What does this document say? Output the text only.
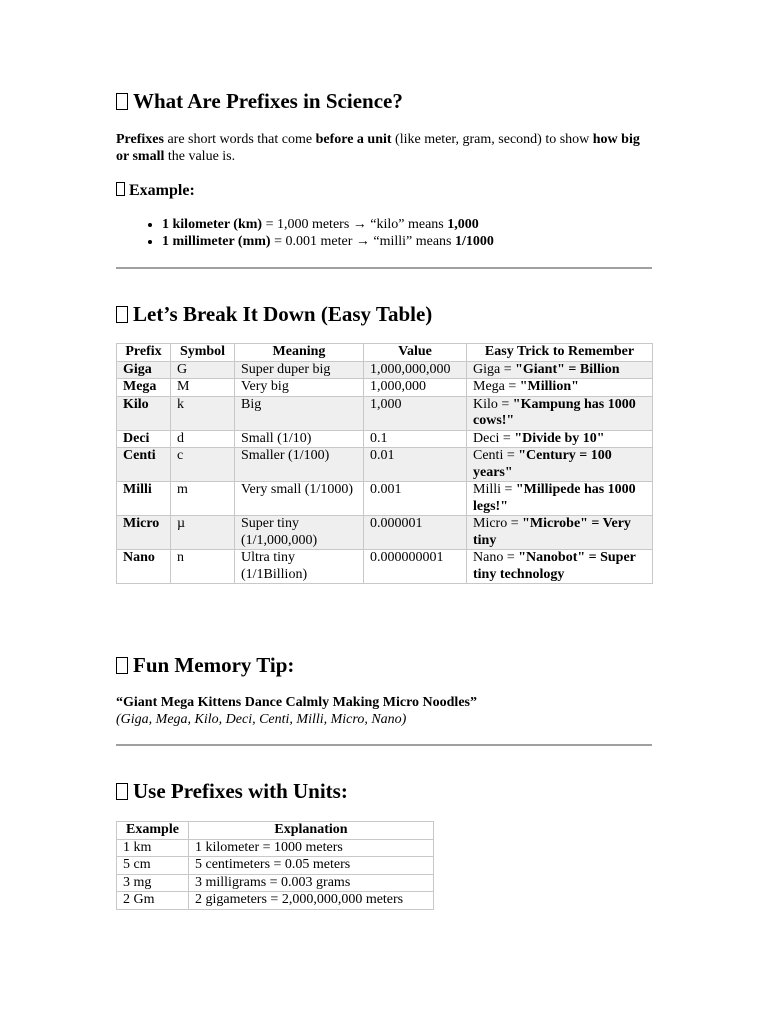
What Are Prefixes in Science?

Prefixes are short words that come before a unit (like meter, gram, second) to show how big or small the value is.

Example:
• 1 kilometer (km) = 1,000 meters → “kilo” means 1,000
• 1 millimeter (mm) = 0.001 meter → “milli” means 1/1000
Let’s Break It Down (Easy Table)
Prefix	Symbol	Meaning	Value	Easy Trick to Remember
Giga	G	Super duper big	1,000,000,000	Giga = "Giant" = Billion
Mega	M	Very big	1,000,000	Mega = "Million"
Kilo	k	Big	1,000	Kilo = "Kampung has 1000 cows!"
Deci	d	Small (1/10)	0.1	Deci = "Divide by 10"
Centi	c	Smaller (1/100)	0.01	Centi = "Century = 100 years"
Milli	m	Very small (1/1000)	0.001	Milli = "Millipede has 1000 legs!"
Micro	µ	Super tiny (1/1,000,000)	0.000001	Micro = "Microbe" = Very tiny
Nano	n	Ultra tiny (1/1Billion)	0.000000001	Nano = "Nanobot" = Super tiny technology
Fun Memory Tip:

“Giant Mega Kittens Dance Calmly Making Micro Noodles”

(Giga, Mega, Kilo, Deci, Centi, Milli, Micro, Nano)

Use Prefixes with Units:
Example	Explanation
1 km	1 kilometer = 1000 meters
5 cm	5 centimeters = 0.05 meters
3 mg	3 milligrams = 0.003 grams
2 Gm	2 gigameters = 2,000,000,000 meters
